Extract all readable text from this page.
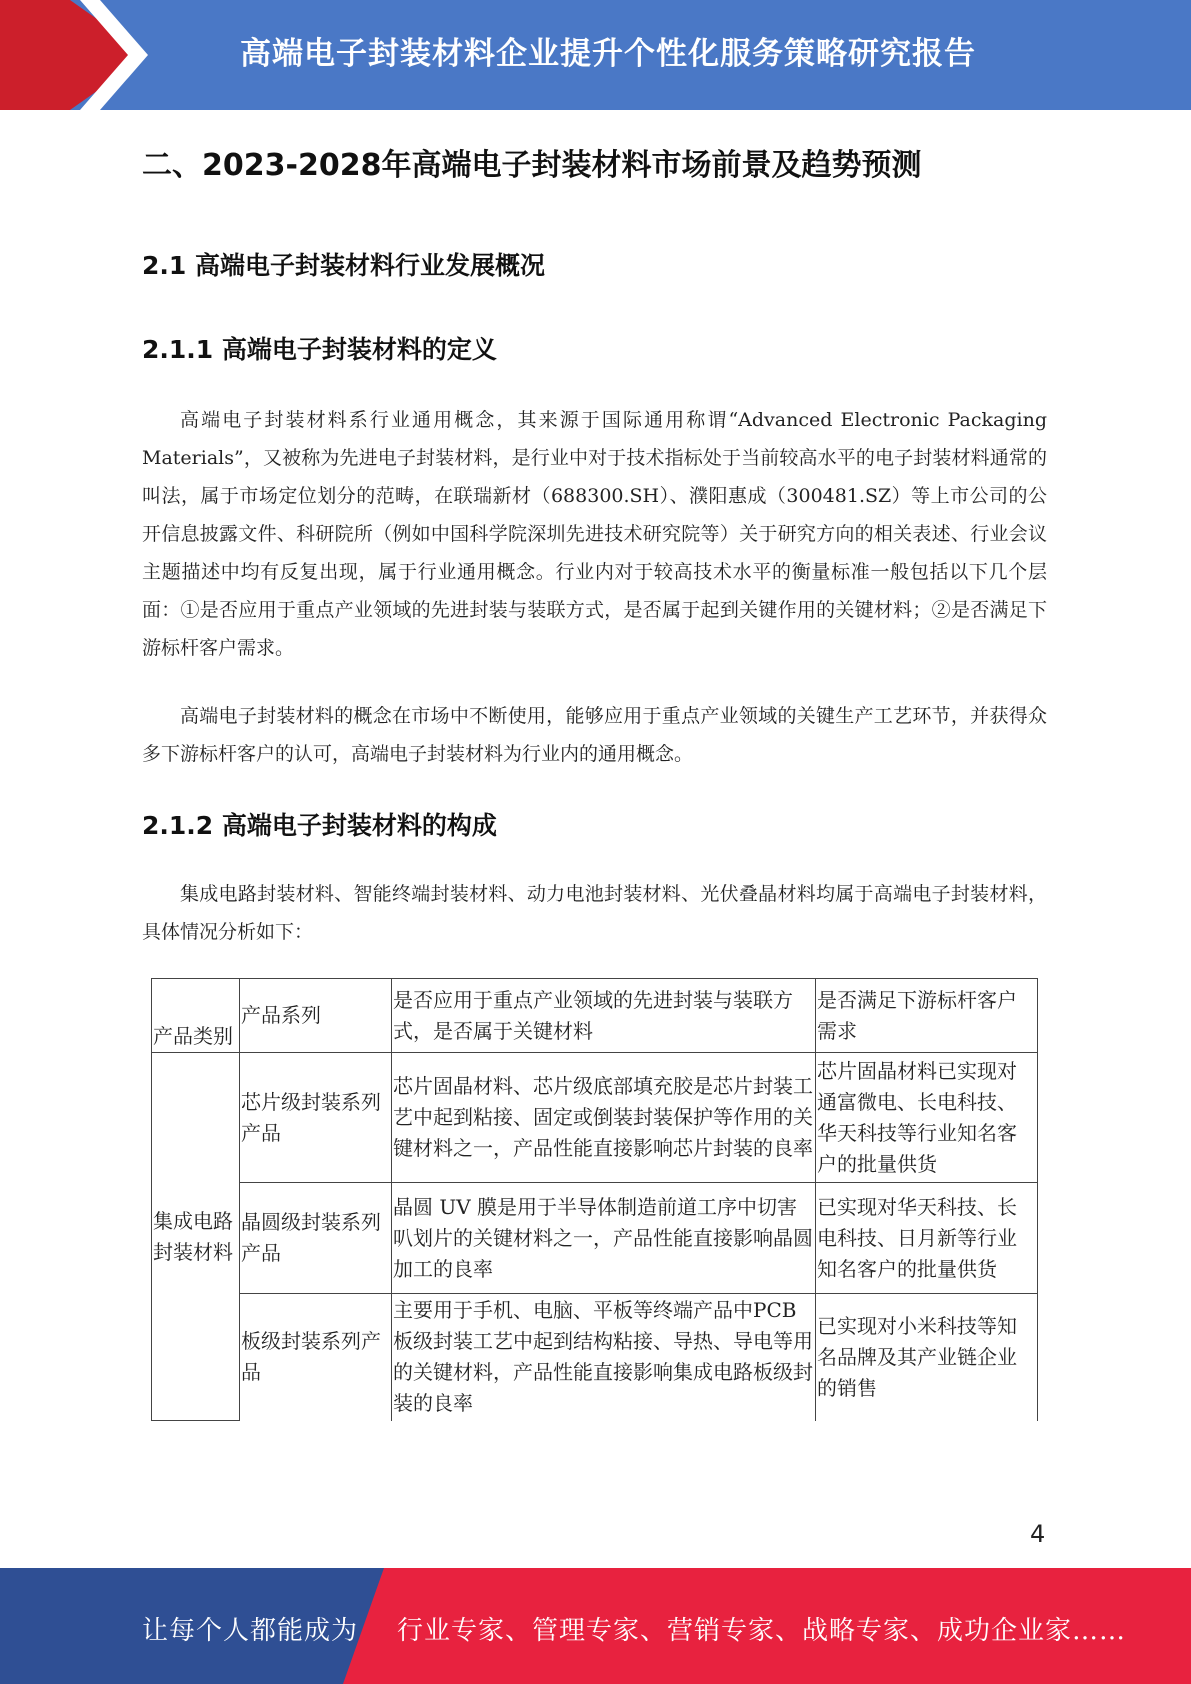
高端电子封装材料企业提升个性化服务策略研究报告
二、2023-2028年高端电子封装材料市场前景及趋势预测
2.1 高端电子封装材料行业发展概况
2.1.1 高端电子封装材料的定义

高端电子封装材料系行业通用概念，其来源于国际通用称谓“Advanced Electronic Packaging Materials”，又被称为先进电子封装材料，是行业中对于技术指标处于当前较高水平的电子封装材料通常的叫法，属于市场定位划分的范畴，在联瑞新材（688300.SH）、濮阳惠成（300481.SZ）等上市公司的公开信息披露文件、科研院所（例如中国科学院深圳先进技术研究院等）关于研究方向的相关表述、行业会议主题描述中均有反复出现，属于行业通用概念。行业内对于较高技术水平的衡量标准一般包括以下几个层面：①是否应用于重点产业领域的先进封装与装联方式，是否属于起到关键作用的关键材料；②是否满足下游标杆客户需求。

高端电子封装材料的概念在市场中不断使用，能够应用于重点产业领域的关键生产工艺环节，并获得众多下游标杆客户的认可，高端电子封装材料为行业内的通用概念。

2.1.2 高端电子封装材料的构成

集成电路封装材料、智能终端封装材料、动力电池封装材料、光伏叠晶材料均属于高端电子封装材料，具体情况分析如下：

产品类别	产品系列	是否应用于重点产业领域的先进封装与装联方式，是否属于关键材料	是否满足下游标杆客户需求
集成电路封装材料	芯片级封装系列产品	芯片固晶材料、芯片级底部填充胶是芯片封装工艺中起到粘接、固定或倒装封装保护等作用的关键材料之一，产品性能直接影响芯片封装的良率	芯片固晶材料已实现对通富微电、长电科技、华天科技等行业知名客户的批量供货
	晶圆级封装系列产品	晶圆 UV 膜是用于半导体制造前道工序中切害叭划片的关键材料之一，产品性能直接影响晶圆加工的良率	已实现对华天科技、长电科技、日月新等行业知名客户的批量供货
	板级封装系列产品	主要用于手机、电脑、平板等终端产品中PCB 板级封装工艺中起到结构粘接、导热、导电等用的关键材料，产品性能直接影响集成电路板级封装的良率	已实现对小米科技等知名品牌及其产业链企业的销售
4
让每个人都能成为 行业专家、管理专家、营销专家、战略专家、成功企业家……
